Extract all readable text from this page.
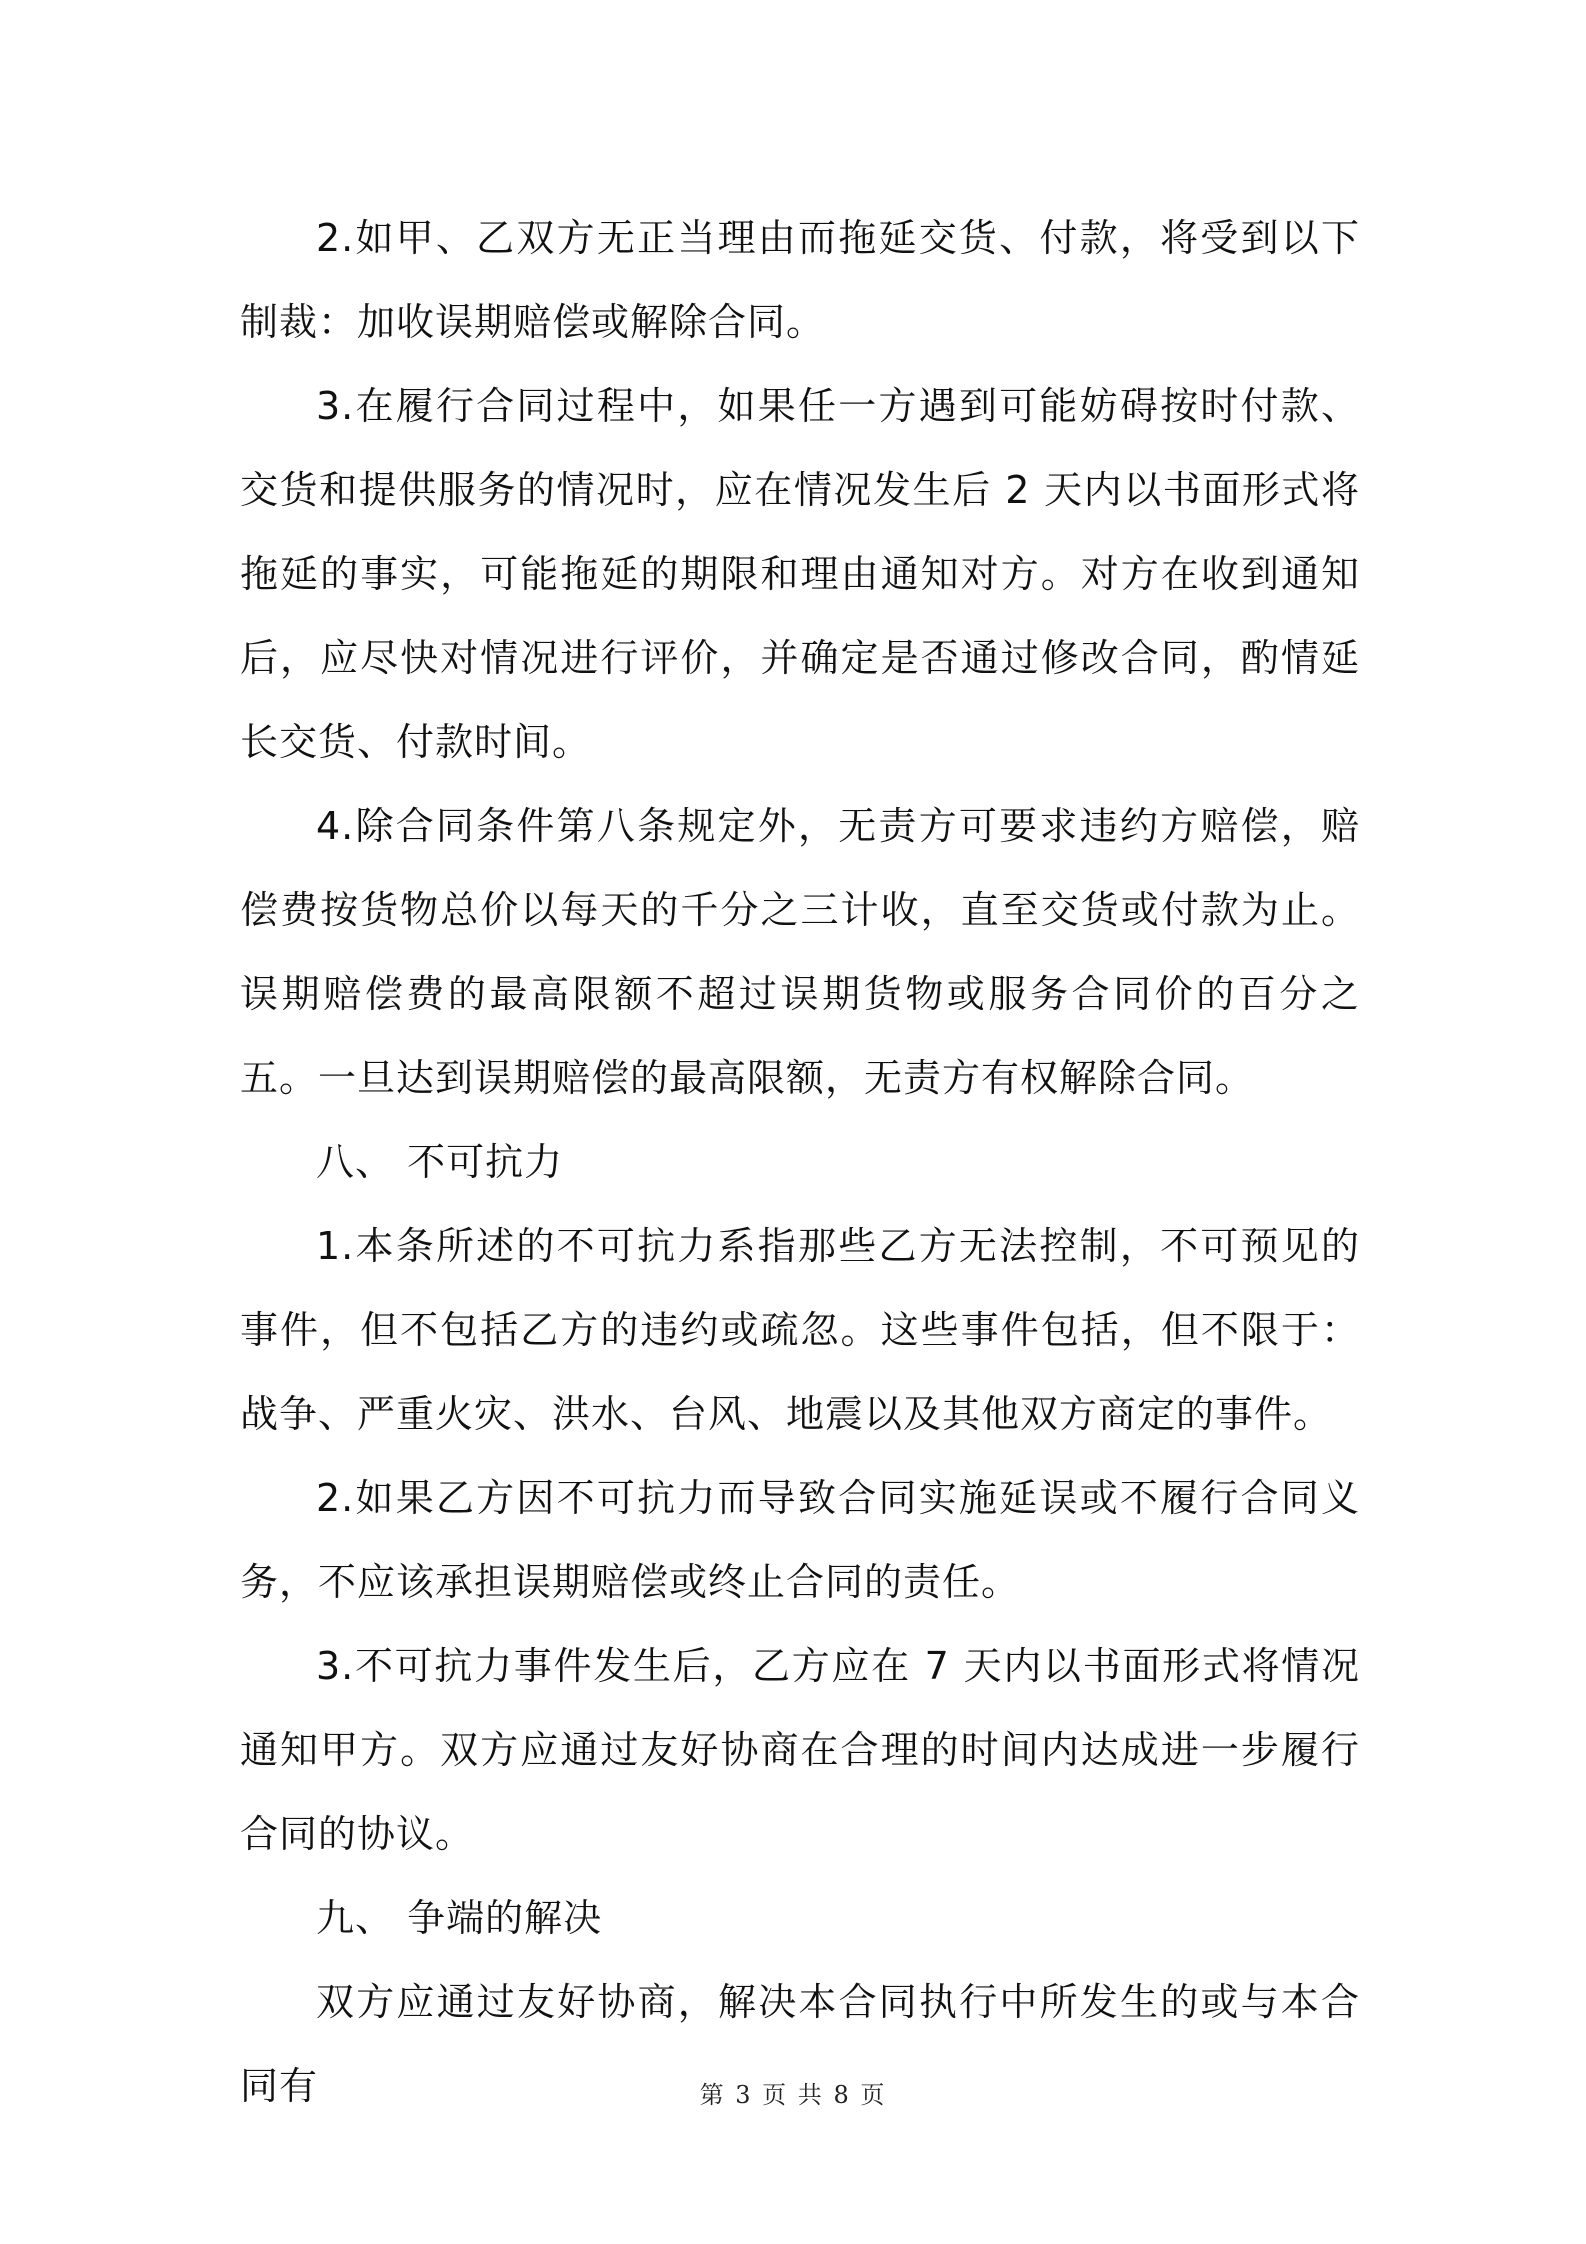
2.如甲、乙双方无正当理由而拖延交货、付款，将受到以下制裁：加收误期赔偿或解除合同。

3.在履行合同过程中，如果任一方遇到可能妨碍按时付款、交货和提供服务的情况时，应在情况发生后 2 天内以书面形式将拖延的事实，可能拖延的期限和理由通知对方。对方在收到通知后，应尽快对情况进行评价，并确定是否通过修改合同，酌情延长交货、付款时间。

4.除合同条件第八条规定外，无责方可要求违约方赔偿，赔偿费按货物总价以每天的千分之三计收，直至交货或付款为止。误期赔偿费的最高限额不超过误期货物或服务合同价的百分之五。一旦达到误期赔偿的最高限额，无责方有权解除合同。

八、 不可抗力

1.本条所述的不可抗力系指那些乙方无法控制，不可预见的事件，但不包括乙方的违约或疏忽。这些事件包括，但不限于：战争、严重火灾、洪水、台风、地震以及其他双方商定的事件。

2.如果乙方因不可抗力而导致合同实施延误或不履行合同义务，不应该承担误期赔偿或终止合同的责任。

3.不可抗力事件发生后，乙方应在 7 天内以书面形式将情况通知甲方。双方应通过友好协商在合理的时间内达成进一步履行合同的协议。

九、 争端的解决

双方应通过友好协商，解决本合同执行中所发生的或与本合同有	第 3 页 共 8 页
